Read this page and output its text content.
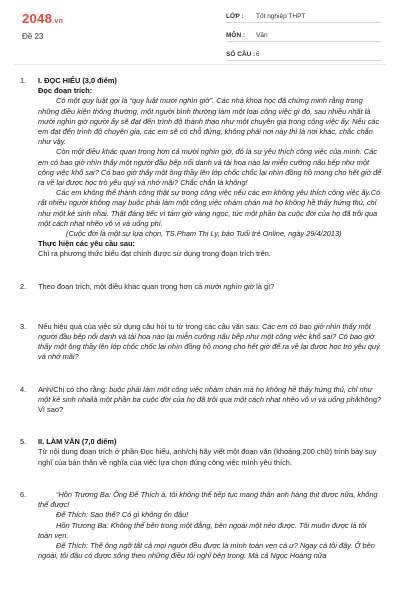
2048.vn
Đề 23
LỚP :	Tốt nghiệp THPT
MÔN :	Văn
SỐ CÂU : 6
1.	I. ĐỌC HIỂU (3,0 điểm)
Đọc đoạn trích:

Có một quy luật gọi là “quy luật mười nghìn giờ”. Các nhà khoa học đã chứng minh rằng trong những điều kiện thông thường, một người bình thường làm một loại công việc gì đó, sau nhiều nhất là mười nghìn giờ người ấy sẽ đạt đến trình độ thành thạo như một chuyên gia trong công việc ấy. Nếu các em đạt đến trình độ chuyên gia, các em sẽ có chỗ đứng, không phải nơi này thì là nơi khác, chắc chắn như vậy.

Còn một điều khác quan trọng hơn cả mười nghìn giờ, đó là sự yêu thích công việc của mình. Các em có bao giờ nhìn thấy một người đầu bếp nổi danh và tài hoa nào lại miễn cưỡng nấu bếp như một công việc khổ sai? Có bao giờ thấy một ông thầy lên lớp chốc chốc lại nhìn đồng hồ mong cho hết giờ để ra về lại được học trò yêu quý và nhớ mãi? Chắc chắn là không!

Các em không thể thành công thật sự trong công việc nếu các em không yêu thích công việc ấy.Có rất nhiều người không may buộc phải làm một công việc nhàm chán mà họ không hề thấy hứng thú, chỉ như một kẻ sinh nhai. Thật đáng tiếc vì tám giờ vàng ngọc, tức một phần ba cuộc đời của họ đã trôi qua một cách nhạt nhẽo vô vị và uổng phí.

(Cuộc đời là một sự lựa chọn, TS.Phạm Thị Ly, báo Tuổi trẻ Online, ngày 29/4/2013)
Thực hiện các yêu cầu sau:
Chỉ ra phương thức biểu đạt chính được sử dụng trong đoạn trích trên.
2.	Theo đoạn trích, một điều khác quan trọng hơn cả mười nghìn giờ là gì?
3.	Nếu hiệu quả của việc sử dụng câu hỏi tu từ trong các câu văn sau: Các em có bao giờ nhìn thấy một người đầu bếp nổi danh và tài hoa nào lại miễn cưỡng nấu bếp như một công việc khổ sai? Có bao giờ thấy một ông thầy lên lớp chốc chốc lại nhìn đồng hồ mong cho hết giờ để ra về lại được học trò yêu quý và nhớ mãi?
4.	Anh/Chị có cho rằng: buộc phải làm một công việc nhàm chán mà họ không hề thấy hứng thú, chỉ như một kẻ sinh nhailà một phần ba cuộc đời của họ đã trôi qua một cách nhạt nhẽo vô vị và uổng phíkhông? Vì sao?
5.	II. LÀM VĂN (7,0 điểm)
Từ nội dung đoạn trích ở phần Đọc hiểu, anh/chị hãy viết một đoạn văn (khoảng 200 chữ) trình bày suy nghĩ của bản thân về nghĩa của việc lựa chọn đúng công việc mình yêu thích.
6.	“Hồn Trương Ba: Ông Đế Thích à, tôi không thể tiếp tục mang thân anh hàng thịt được nữa, không thể được!

Đế Thích: Sao thế? Có gì không ổn đâu!

Hồn Trương Ba: Không thể bên trong một đằng, bên ngoài một nẻo được. Tôi muốn được là tôi toàn vẹn.

Đế Thích: Thế ông ngỡ tất cả mọi người đều được là mình toàn vẹn cả ư? Ngay cả tôi đây. Ở bên ngoài, tôi đâu có được sống theo những điều tôi nghĩ bên trong. Mà cả Ngọc Hoàng nữa
